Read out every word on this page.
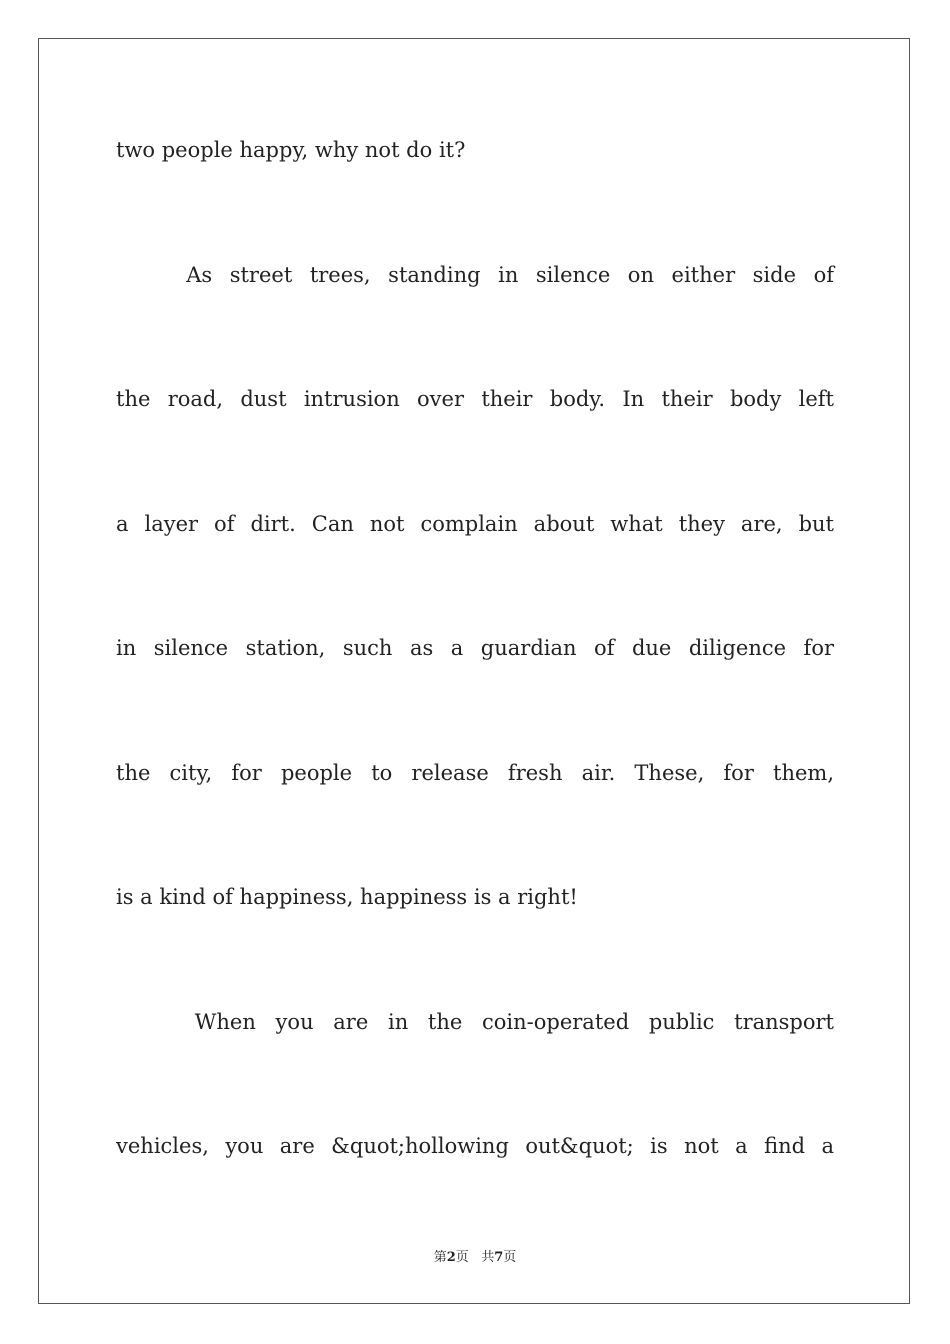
two people happy, why not do it?
As street trees, standing in silence on either side of
the road, dust intrusion over their body. In their body left
a layer of dirt. Can not complain about what they are, but
in silence station, such as a guardian of due diligence for
the city, for people to release fresh air. These, for them,
is a kind of happiness, happiness is a right!
When you are in the coin-operated public transport
vehicles, you are &quot;hollowing out&quot; is not a find a
第2页   共7页
